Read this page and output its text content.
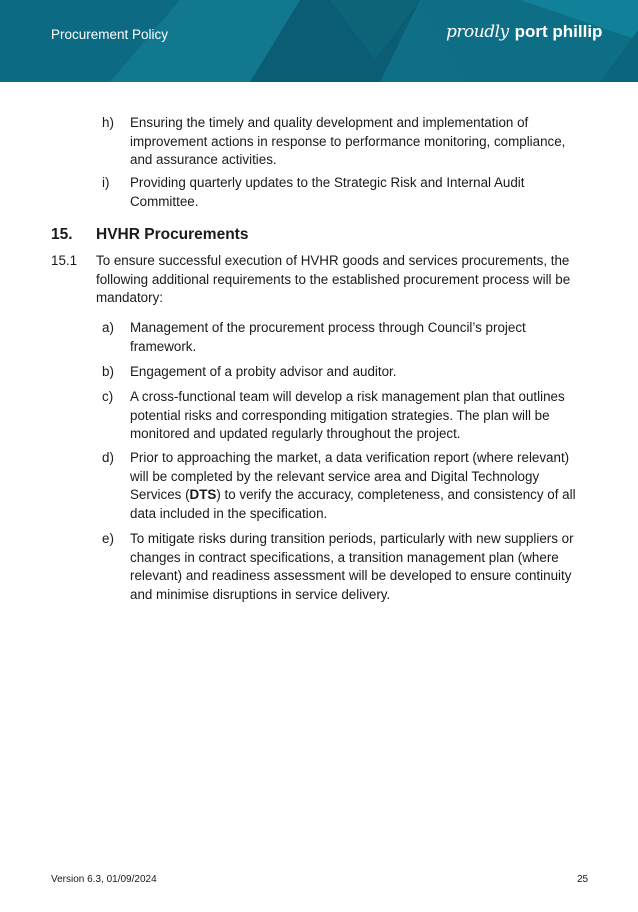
Procurement Policy	proudly port phillip
h) Ensuring the timely and quality development and implementation of improvement actions in response to performance monitoring, compliance, and assurance activities.
i) Providing quarterly updates to the Strategic Risk and Internal Audit Committee.
15. HVHR Procurements
15.1 To ensure successful execution of HVHR goods and services procurements, the following additional requirements to the established procurement process will be mandatory:
a) Management of the procurement process through Council’s project framework.
b) Engagement of a probity advisor and auditor.
c) A cross-functional team will develop a risk management plan that outlines potential risks and corresponding mitigation strategies. The plan will be monitored and updated regularly throughout the project.
d) Prior to approaching the market, a data verification report (where relevant) will be completed by the relevant service area and Digital Technology Services (DTS) to verify the accuracy, completeness, and consistency of all data included in the specification.
e) To mitigate risks during transition periods, particularly with new suppliers or changes in contract specifications, a transition management plan (where relevant) and readiness assessment will be developed to ensure continuity and minimise disruptions in service delivery.
Version 6.3, 01/09/2024	25
